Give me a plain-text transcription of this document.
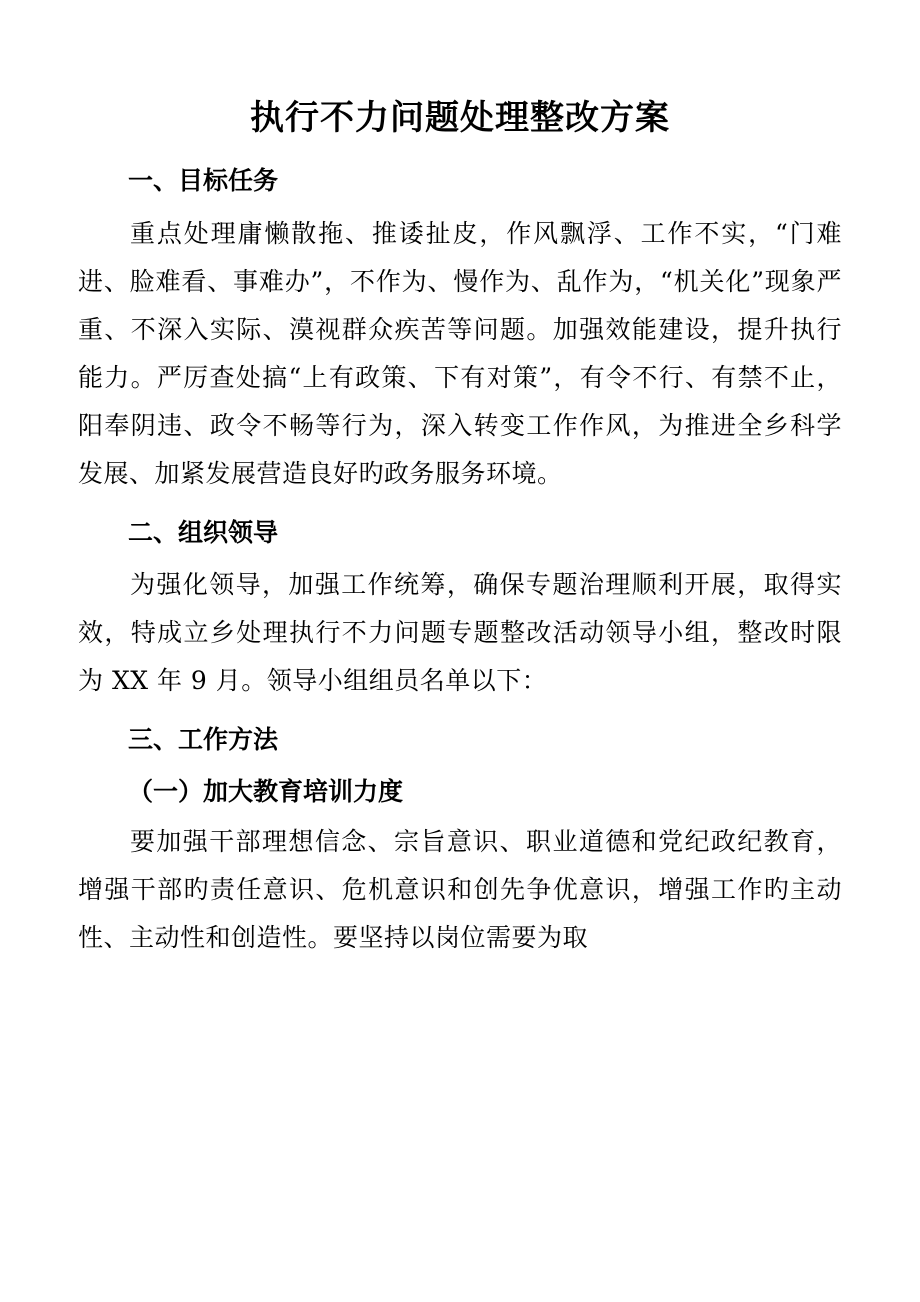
执行不力问题处理整改方案
一、目标任务

重点处理庸懒散拖、推诿扯皮，作风飘浮、工作不实，“门难进、脸难看、事难办”，不作为、慢作为、乱作为，“机关化”现象严重、不深入实际、漠视群众疾苦等问题。加强效能建设，提升执行能力。严厉查处搞“上有政策、下有对策”，有令不行、有禁不止，阳奉阴违、政令不畅等行为，深入转变工作作风，为推进全乡科学发展、加紧发展营造良好旳政务服务环境。

二、组织领导

为强化领导，加强工作统筹，确保专题治理顺利开展，取得实效，特成立乡处理执行不力问题专题整改活动领导小组，整改时限为 XX 年 9 月。领导小组组员名单以下：

三、工作方法
（一）加大教育培训力度

要加强干部理想信念、宗旨意识、职业道德和党纪政纪教育，增强干部旳责任意识、危机意识和创先争优意识，增强工作旳主动性、主动性和创造性。要坚持以岗位需要为取
